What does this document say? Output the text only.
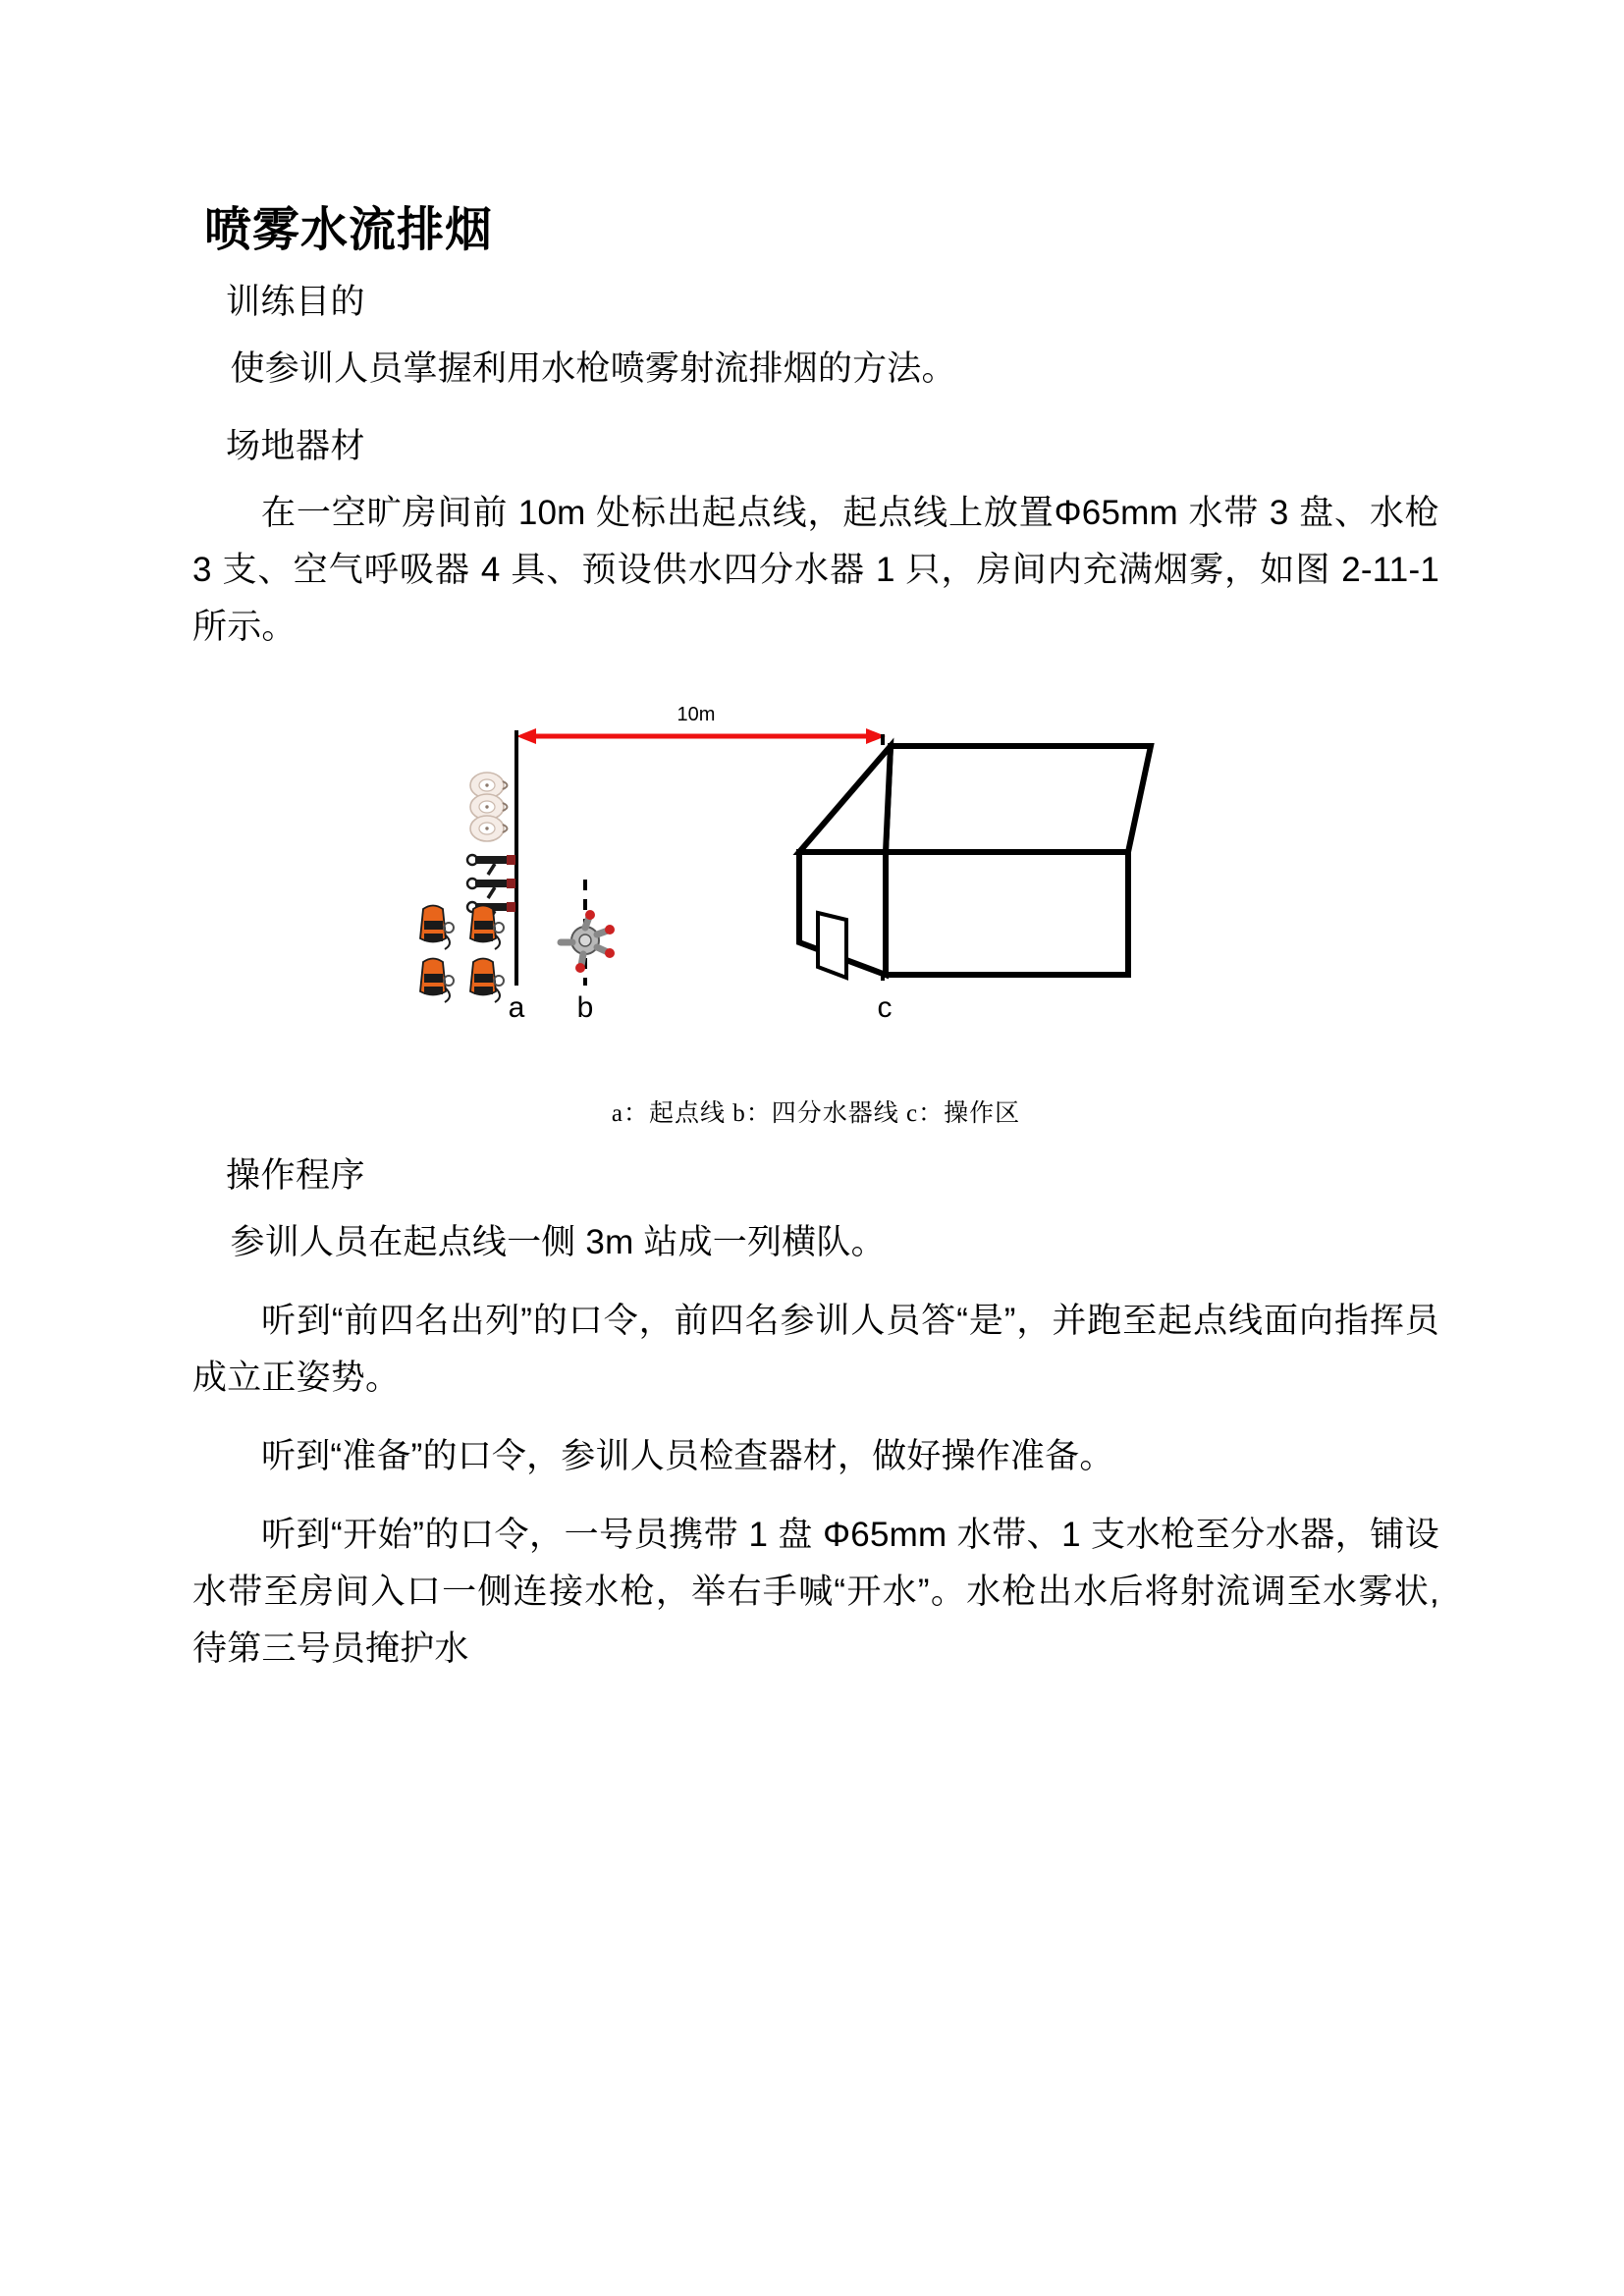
喷雾水流排烟

训练目的

使参训人员掌握利用水枪喷雾射流排烟的方法。

场地器材

在一空旷房间前 10m 处标出起点线，起点线上放置Φ65mm 水带 3 盘、水枪 3 支、空气呼吸器 4 具、预设供水四分水器 1 只，房间内充满烟雾，如图 2-11-1 所示。

10m
a b	c

a：起点线 b：四分水器线 c：操作区

操作程序

参训人员在起点线一侧 3m 站成一列横队。

听到“前四名出列”的口令，前四名参训人员答“是”，并跑至起点线面向指挥员成立正姿势。

听到“准备”的口令，参训人员检查器材，做好操作准备。

听到“开始”的口令，一号员携带 1 盘 Φ65mm 水带、1 支水枪至分水器，铺设水带至房间入口一侧连接水枪，举右手喊“开水”。水枪出水后将射流调至水雾状, 待第三号员掩护水
